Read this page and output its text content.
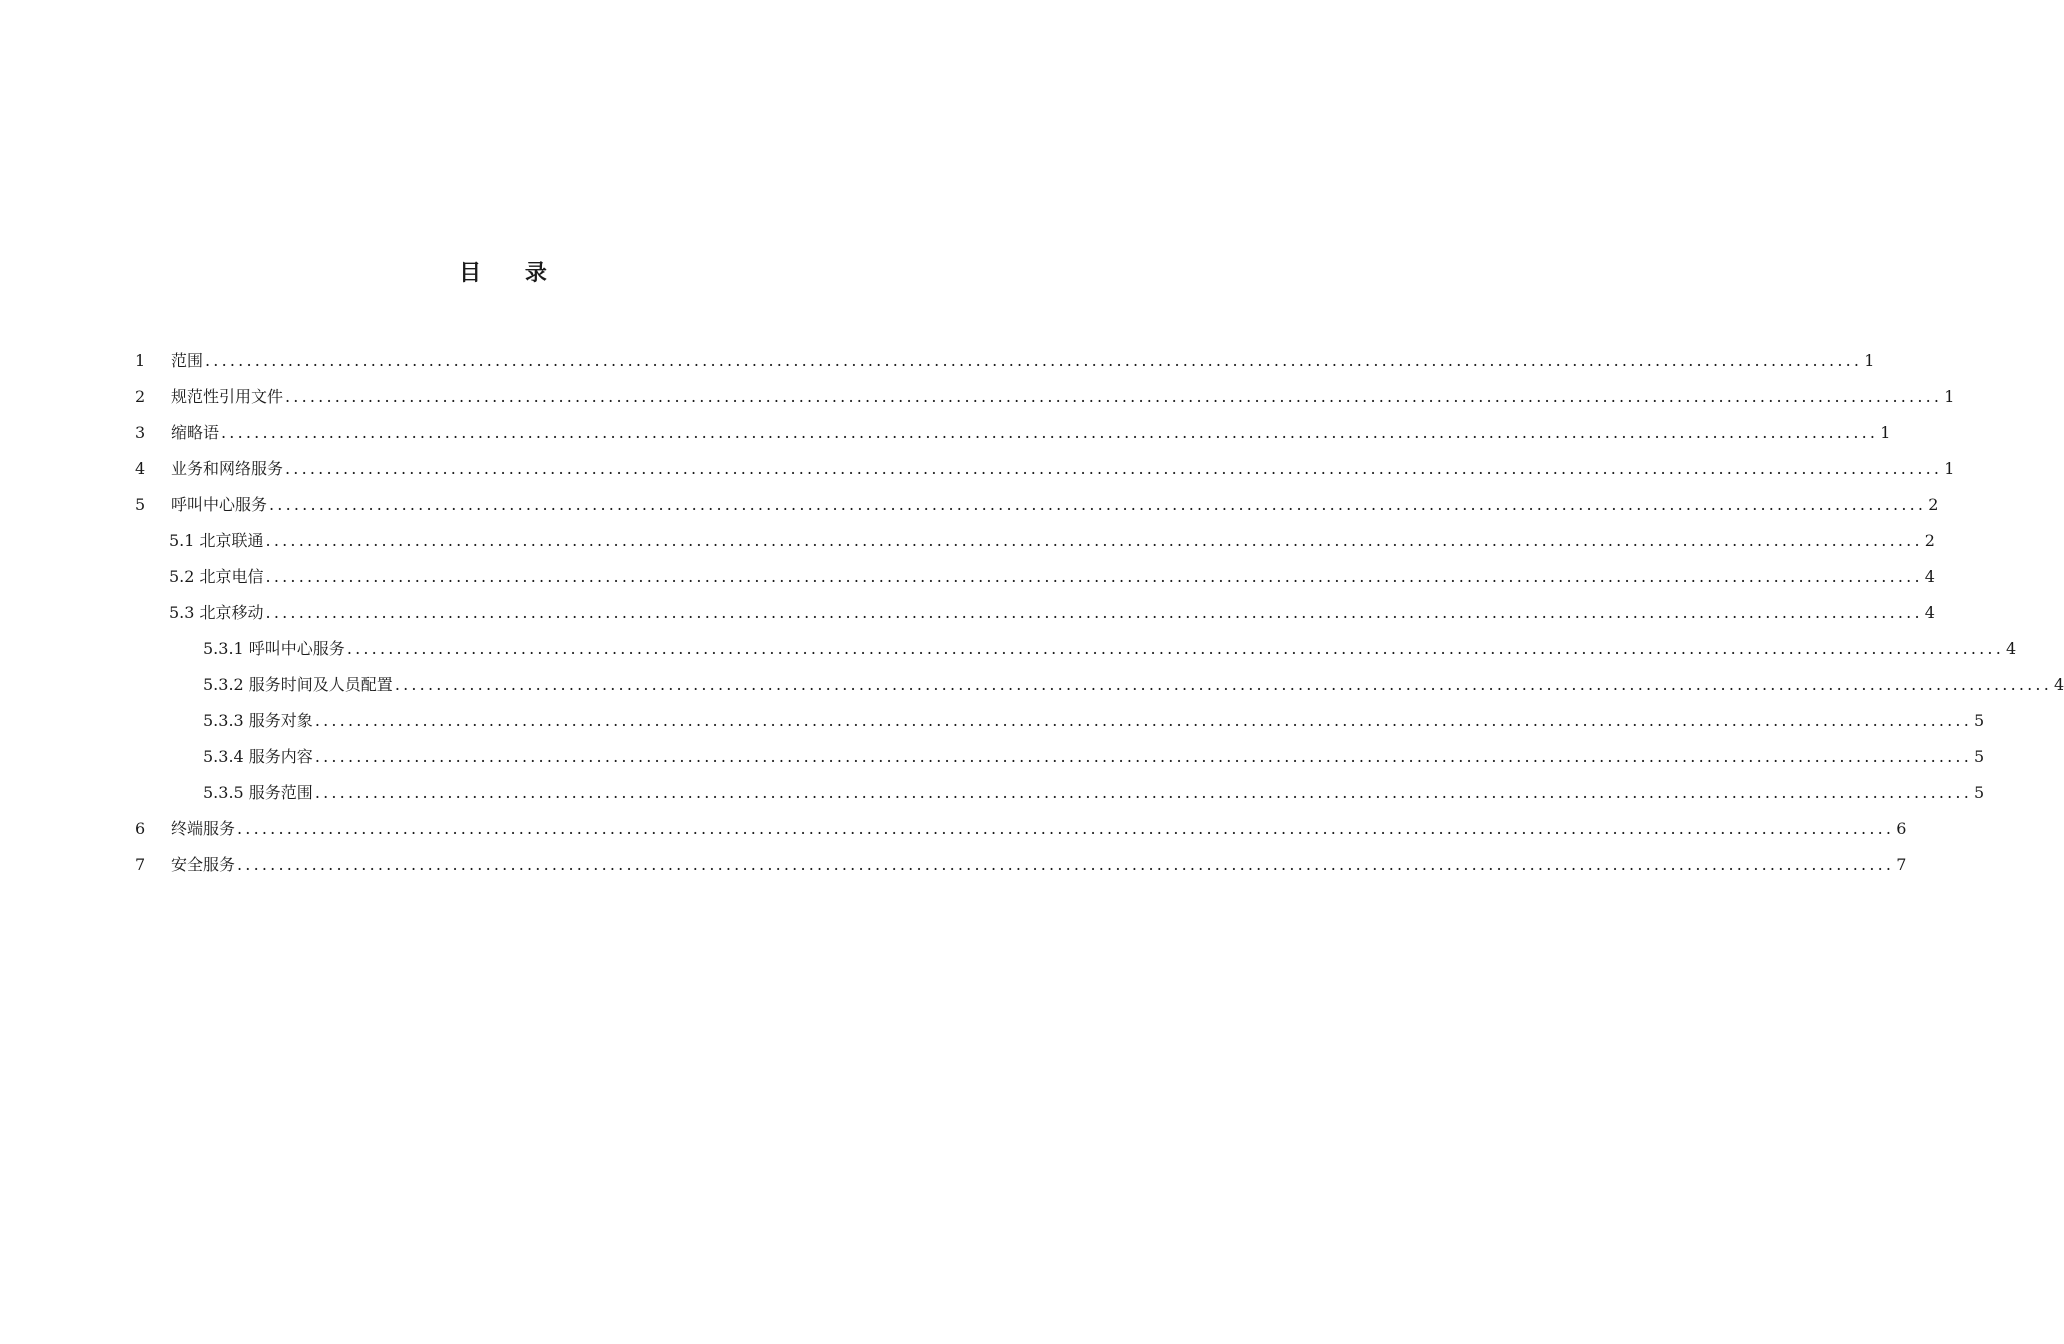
目 录
1	范围 ........................................................................................................................................................................................................ 1
2	规范性引用文件 ........................................................................................................................................................................................................ 1
3	缩略语 ........................................................................................................................................................................................................ 1
4	业务和网络服务 ........................................................................................................................................................................................................ 1
5	呼叫中心服务 ........................................................................................................................................................................................................ 2
5.1 北京联通 ........................................................................................................................................................................................................ 2
5.2 北京电信 ........................................................................................................................................................................................................ 4
5.3 北京移动 ........................................................................................................................................................................................................ 4
5.3.1 呼叫中心服务 ........................................................................................................................................................................................................ 4
5.3.2 服务时间及人员配置 ........................................................................................................................................................................................................ 4
5.3.3 服务对象 ........................................................................................................................................................................................................ 5
5.3.4 服务内容 ........................................................................................................................................................................................................ 5
5.3.5 服务范围 ........................................................................................................................................................................................................ 5
6	终端服务 ........................................................................................................................................................................................................ 6
7	安全服务 ........................................................................................................................................................................................................ 7
